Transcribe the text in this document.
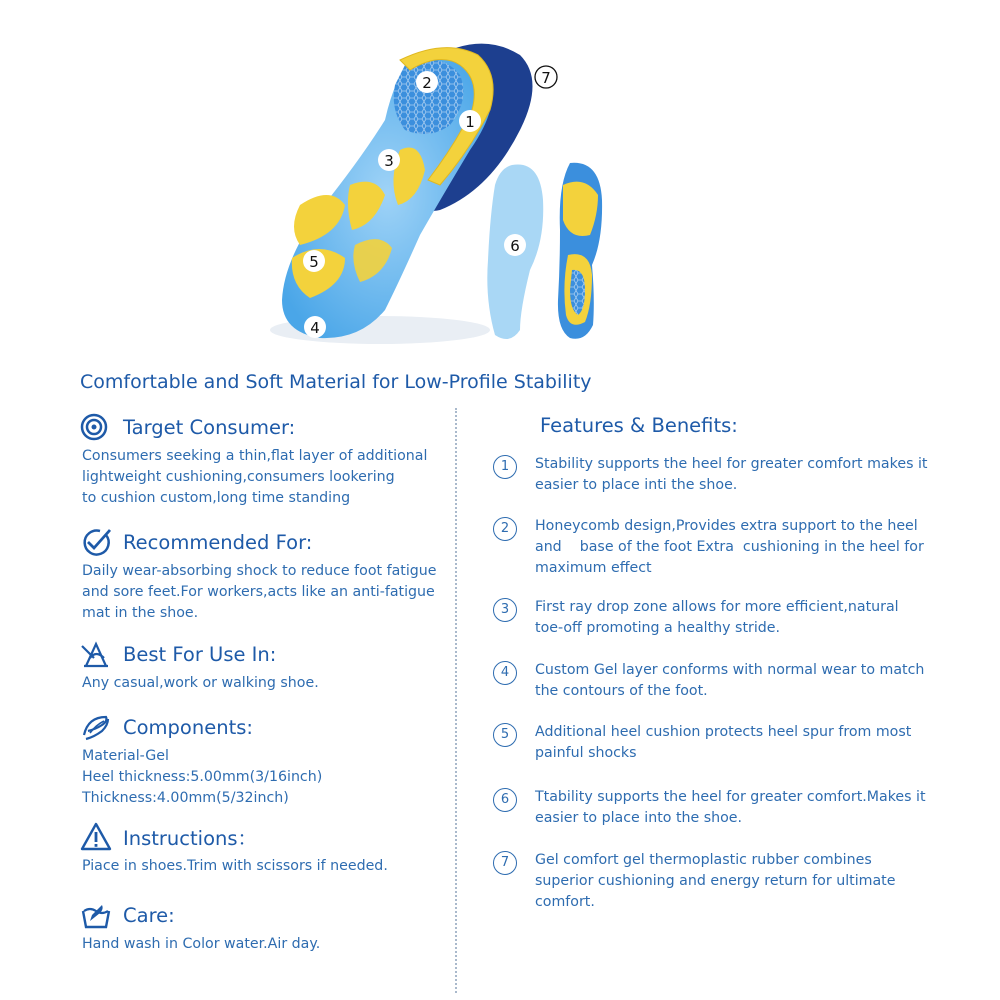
2
1
7
3
5
4
6
Comfortable and Soft Material for Low-Profile Stability
Target Consumer:
Consumers seeking a thin,flat layer of additional
lightweight cushioning,consumers lookering
to cushion custom,long time standing
Recommended For:
Daily wear-absorbing shock to reduce foot fatigue
and sore feet.For workers,acts like an anti-fatigue
mat in the shoe.
Best For Use In:
Any casual,work or walking shoe.
Components:
Material-Gel
Heel thickness:5.00mm(3/16inch)
Thickness:4.00mm(5/32inch)
Instructions：
Piace in shoes.Trim with scissors if needed.
Care:
Hand wash in Color water.Air day.
Features & Benefits:
1	Stability supports the heel for greater comfort makes it easier to place inti the shoe.
2	Honeycomb design,Provides extra support to the heel and    base of the foot Extra  cushioning in the heel for maximum effect
3	First ray drop zone allows for more efficient,natural toe-off promoting a healthy stride.
4	Custom Gel layer conforms with normal wear to match the contours of the foot.
5	Additional heel cushion protects heel spur from most painful shocks
6	Ttability supports the heel for greater comfort.Makes it easier to place into the shoe.
7	Gel comfort gel thermoplastic rubber combines superior cushioning and energy return for ultimate comfort.
